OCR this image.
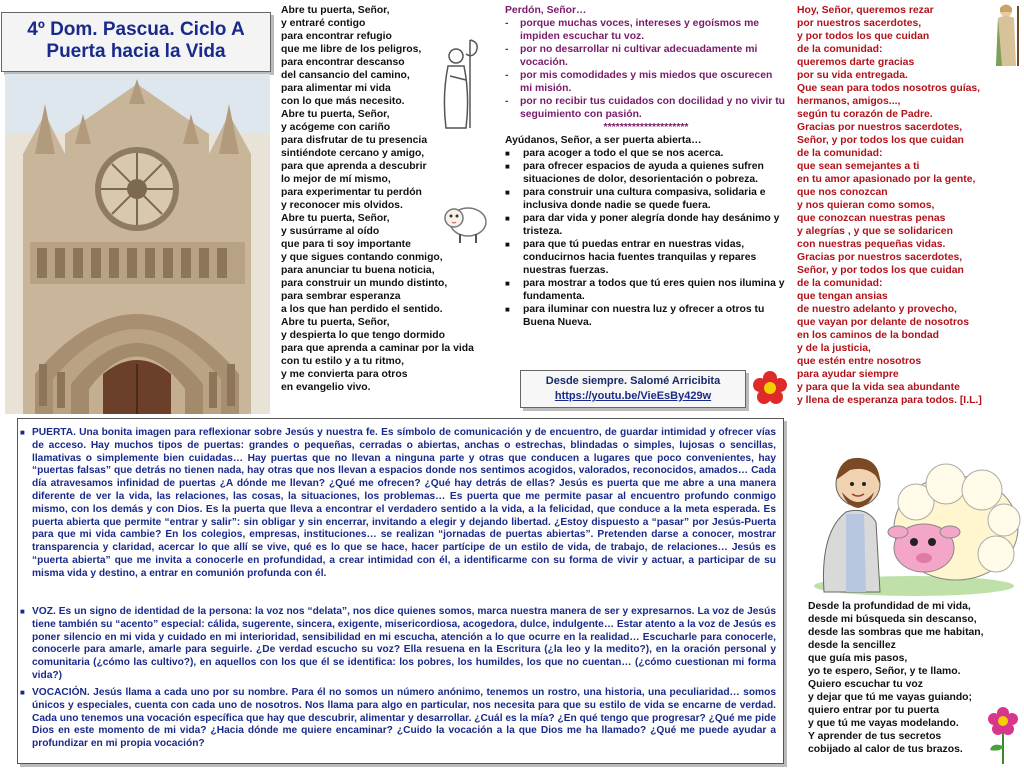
4º Dom. Pascua. Ciclo A
Puerta hacia la Vida
Abre tu puerta, Señor,
y entraré contigo
para encontrar refugio
que me libre de los peligros,
para encontrar descanso
del cansancio del camino,
para alimentar mi vida
con lo que más necesito.
Abre tu puerta, Señor,
y acógeme con cariño
para disfrutar de tu presencia
sintiéndote cercano y amigo,
para que aprenda a descubrir
lo mejor de mí mismo,
para experimentar tu perdón
y reconocer mis olvidos.
Abre tu puerta, Señor,
y susúrrame al oído
que para ti soy importante
y que sigues contando conmigo,
para anunciar tu buena noticia,
para construir un mundo distinto,
para sembrar esperanza
a los que han perdido el sentido.
Abre tu puerta, Señor,
y despierta lo que tengo dormido
para que aprenda a caminar por la vida
con tu estilo y a tu ritmo,
y me convierta para otros
en evangelio vivo.
Perdón, Señor…
- porque muchas voces, intereses y egoísmos me impiden escuchar tu voz.
- por no desarrollar ni cultivar adecuadamente mi vocación.
- por mis comodidades y mis miedos que oscurecen mi misión.
- por no recibir tus cuidados con docilidad y no vivir tu seguimiento con pasión.
*********************
Ayúdanos, Señor, a ser puerta abierta…
■ para acoger a todo el que se nos acerca.
■ para ofrecer espacios de ayuda a quienes sufren situaciones de dolor, desorientación o pobreza.
■ para construir una cultura compasiva, solidaria e inclusiva donde nadie se quede fuera.
■ para dar vida y poner alegría donde hay desánimo y tristeza.
■ para que tú puedas entrar en nuestras vidas, conducirnos hacia fuentes tranquilas y repares nuestras fuerzas.
■ para mostrar a todos que tú eres quien nos ilumina y fundamenta.
■ para iluminar con nuestra luz y ofrecer a otros tu Buena Nueva.
Desde siempre. Salomé Arricibita
https://youtu.be/VieEsBy429w
Hoy, Señor, queremos rezar
por nuestros sacerdotes,
y por todos los que cuidan
de la comunidad:
queremos darte gracias
por su vida entregada.
Que sean para todos nosotros guías,
hermanos, amigos...,
según tu corazón de Padre.
Gracias por nuestros sacerdotes,
Señor, y por todos los que cuidan
de la comunidad:
que sean semejantes a ti
en tu amor apasionado por la gente,
que nos conozcan
y nos quieran como somos,
que conozcan nuestras penas
y alegrías , y que se solidaricen
con nuestras pequeñas vidas.
Gracias por nuestros sacerdotes,
Señor, y por todos los que cuidan
de la comunidad:
que tengan ansias
de nuestro adelanto y provecho,
que vayan por delante de nosotros
en los caminos de la bondad
y de la justicia,
que estén entre nosotros
para ayudar siempre
y para que la vida sea abundante
y llena de esperanza para todos. [I.L.]
■ PUERTA. Una bonita imagen para reflexionar sobre Jesús y nuestra fe. Es símbolo de comunicación y de encuentro, de guardar intimidad y ofrecer vías de acceso. Hay muchos tipos de puertas: grandes o pequeñas, cerradas o abiertas, anchas o estrechas, blindadas o simples, lujosas o sencillas, llamativas o simplemente bien cuidadas… Hay puertas que no llevan a ninguna parte y otras que conducen a lugares que poco convenientes, hay “puertas falsas” que detrás no tienen nada, hay otras que nos llevan a espacios donde nos sentimos acogidos, valorados, reconocidos, amados… Cada día atravesamos infinidad de puertas ¿A dónde me llevan? ¿Qué me ofrecen? ¿Qué hay detrás de ellas? Jesús es puerta que me abre a una manera diferente de ver la vida, las relaciones, las cosas, la situaciones, los problemas… Es puerta que me permite pasar al encuentro profundo conmigo mismo, con los demás y con Dios. Es la puerta que lleva a encontrar el verdadero sentido a la vida, a la felicidad, que conduce a la meta esperada. Es puerta abierta que permite “entrar y salir”: sin obligar y sin encerrar, invitando a elegir y dejando libertad. ¿Estoy dispuesto a “pasar” por Jesús-Puerta para que mi vida cambie? En los colegios, empresas, instituciones… se realizan “jornadas de puertas abiertas”. Pretenden darse a conocer, mostrar transparencia y claridad, acercar lo que allí se vive, qué es lo que se hace, hacer partícipe de un estilo de vida, de trabajo, de relaciones… Jesús es “puerta abierta” que me invita a conocerle en profundidad, a crear intimidad con él, a identificarme con su forma de vivir y actuar, a participar de su misma vida y destino, a entrar en comunión profunda con él.
■ VOZ. Es un signo de identidad de la persona: la voz nos “delata”, nos dice quienes somos, marca nuestra manera de ser y expresarnos. La voz de Jesús tiene también su “acento” especial: cálida, sugerente, sincera, exigente, misericordiosa, acogedora, dulce, indulgente… Estar atento a la voz de Jesús es poner silencio en mi vida y cuidado en mi interioridad, sensibilidad en mi escucha, atención a lo que ocurre en la realidad… Escucharle para conocerle, conocerle para amarle, amarle para seguirle. ¿De verdad escucho su voz? Ella resuena en la Escritura (¿la leo y la medito?), en la oración personal y comunitaria (¿cómo las cultivo?), en aquellos con los que él se identifica: los pobres, los humildes, los que no cuentan… (¿cómo cuestionan mi forma vida?)
■ VOCACIÓN. Jesús llama a cada uno por su nombre. Para él no somos un número anónimo, tenemos un rostro, una historia, una peculiaridad… somos únicos y especiales, cuenta con cada uno de nosotros. Nos llama para algo en particular, nos necesita para que su estilo de vida se encarne de verdad. Cada uno tenemos una vocación específica que hay que descubrir, alimentar y desarrollar. ¿Cuál es la mía? ¿En qué tengo que progresar? ¿Qué me pide Dios en este momento de mi vida? ¿Hacia dónde me quiere encaminar? ¿Cuido la vocación a la que Dios me ha llamado? ¿Qué me puede ayudar a profundizar en mi propia vocación?
Desde la profundidad de mi vida,
desde mi búsqueda sin descanso,
desde las sombras que me habitan,
desde la sencillez
que guía mis pasos,
yo te espero, Señor, y te llamo.
Quiero escuchar tu voz
y dejar que tú me vayas guiando;
quiero entrar por tu puerta
y que tú me vayas modelando.
Y aprender de tus secretos
cobijado al calor de tus brazos.
